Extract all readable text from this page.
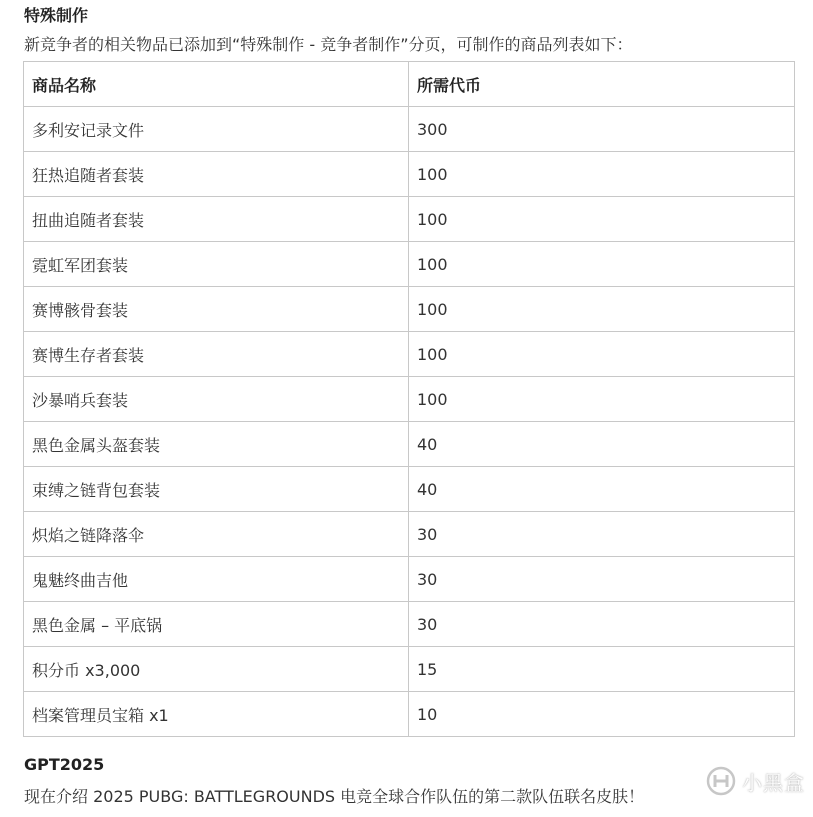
特殊制作

新竞争者的相关物品已添加到“特殊制作 - 竞争者制作”分页，可制作的商品列表如下：

商品名称	所需代币
多利安记录文件	300
狂热追随者套装	100
扭曲追随者套装	100
霓虹军团套装	100
赛博骸骨套装	100
赛博生存者套装	100
沙暴哨兵套装	100
黑色金属头盔套装	40
束缚之链背包套装	40
炽焰之链降落伞	30
鬼魅终曲吉他	30
黑色金属 – 平底锅	30
积分币 x3,000	15
档案管理员宝箱 x1	10
GPT2025

现在介绍 2025 PUBG: BATTLEGROUNDS 电竞全球合作队伍的第二款队伍联名皮肤！

小黑盒
